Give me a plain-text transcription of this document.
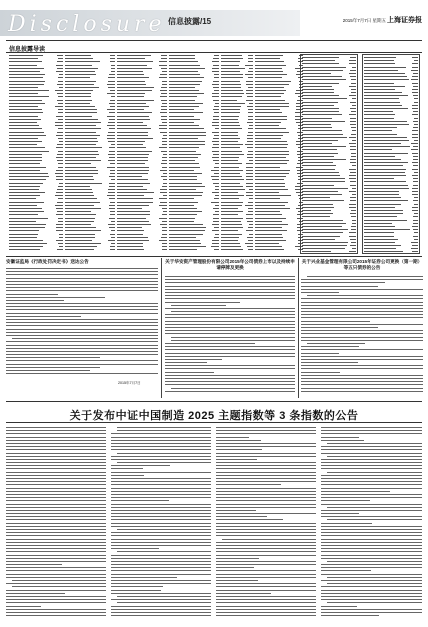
Disclosure 信息披露/15	2015年7月7日 星期五 上海证券报
信息披露导读
安徽证监局《行政处罚决定书》送达公告
2015年7月7日
关于华安资产管理股份有限公司2015年公司债券上市以及持续申请停牌及更换
关于兴业基金管理有限公司2015年证券公司更换（第一期）等五只债券的公告
关于发布中证中国制造 2025 主题指数等 3 条指数的公告
